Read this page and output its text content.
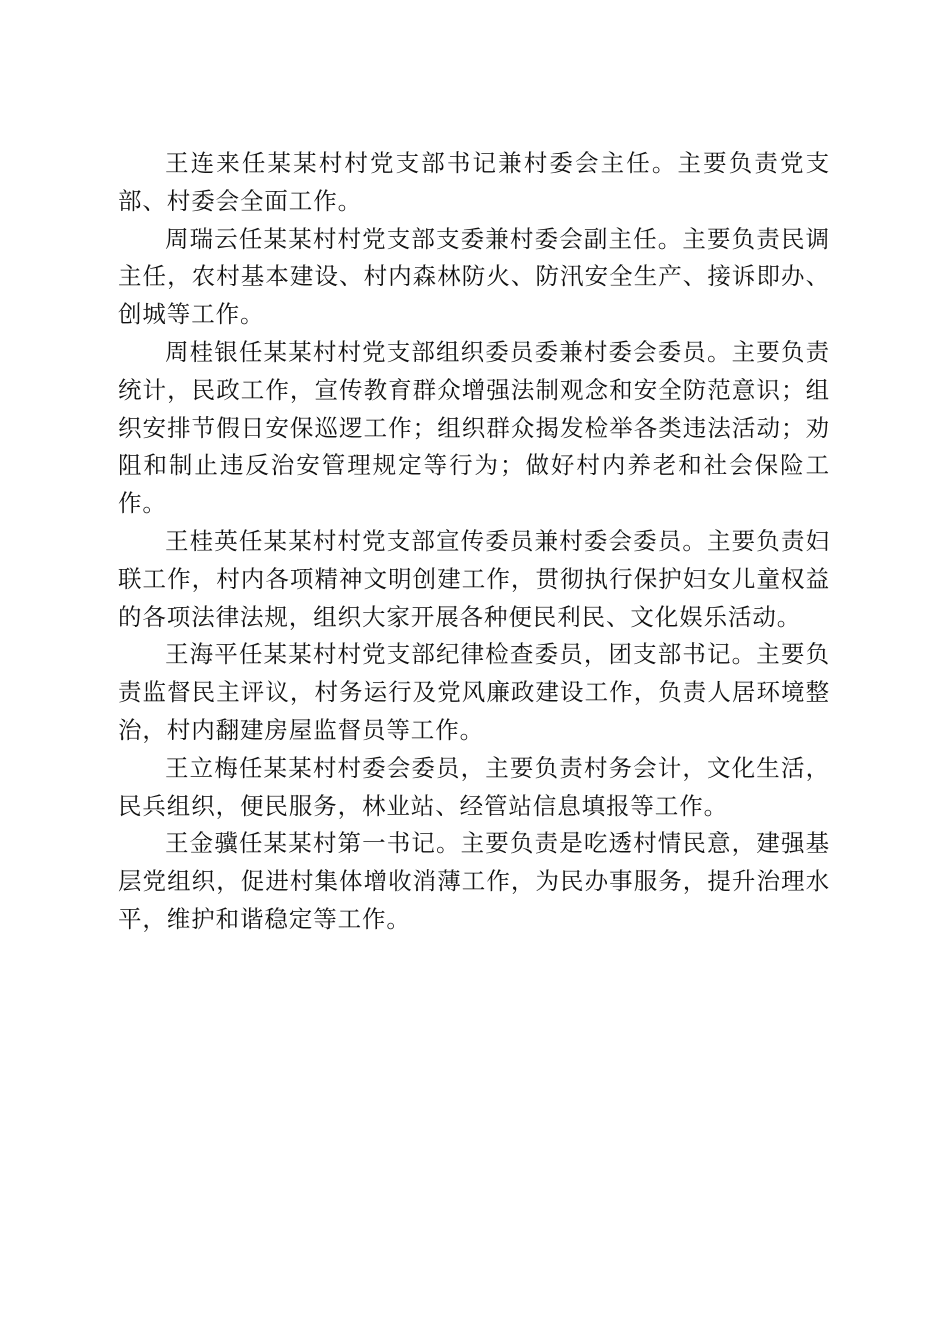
王连来任某某村村党支部书记兼村委会主任。主要负责党支部、村委会全面工作。

周瑞云任某某村村党支部支委兼村委会副主任。主要负责民调主任，农村基本建设、村内森林防火、防汛安全生产、接诉即办、创城等工作。

周桂银任某某村村党支部组织委员委兼村委会委员。主要负责统计，民政工作，宣传教育群众增强法制观念和安全防范意识；组织安排节假日安保巡逻工作；组织群众揭发检举各类违法活动；劝阻和制止违反治安管理规定等行为；做好村内养老和社会保险工作。

王桂英任某某村村党支部宣传委员兼村委会委员。主要负责妇联工作，村内各项精神文明创建工作，贯彻执行保护妇女儿童权益的各项法律法规，组织大家开展各种便民利民、文化娱乐活动。

王海平任某某村村党支部纪律检查委员，团支部书记。主要负责监督民主评议，村务运行及党风廉政建设工作，负责人居环境整治，村内翻建房屋监督员等工作。

王立梅任某某村村委会委员，主要负责村务会计，文化生活，民兵组织，便民服务，林业站、经管站信息填报等工作。

王金骥任某某村第一书记。主要负责是吃透村情民意，建强基层党组织，促进村集体增收消薄工作，为民办事服务，提升治理水平，维护和谐稳定等工作。
